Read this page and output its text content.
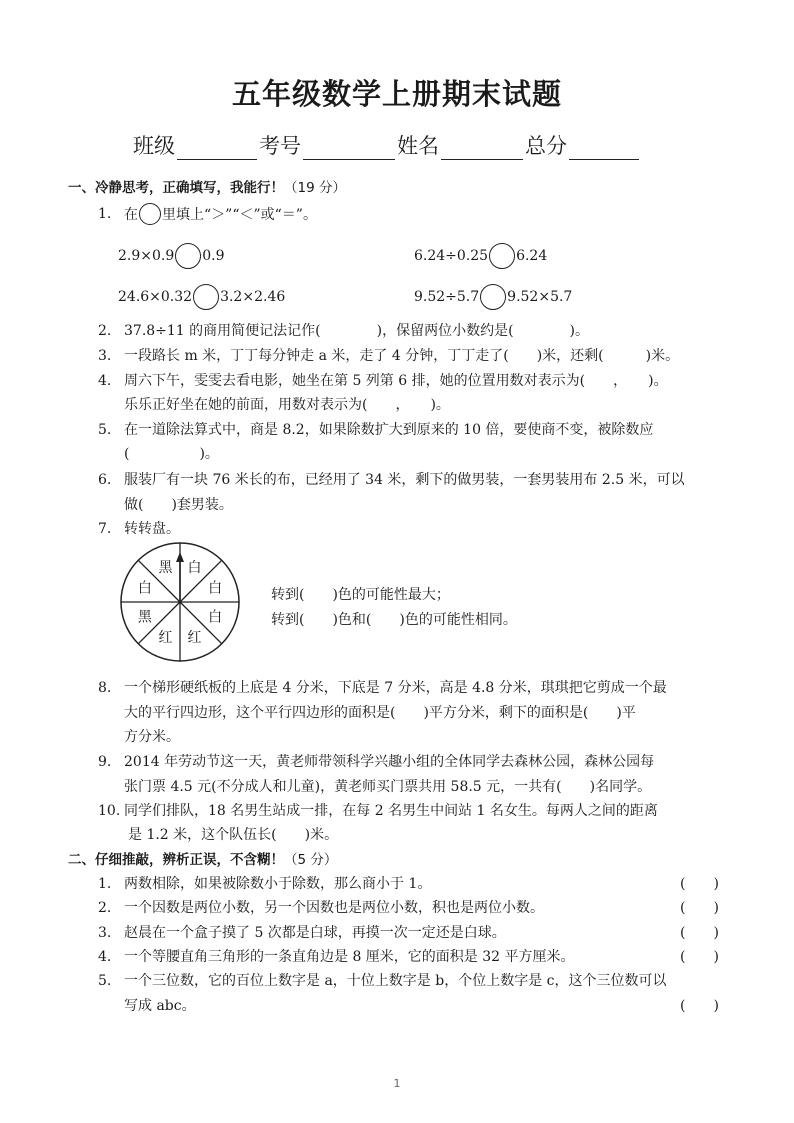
五年级数学上册期末试题
班级	考号	姓名	总分
一、冷静思考，正确填写，我能行！（19 分）
1. 在 里填上“＞”“＜”或“＝”。
2.9×0.9 0.9	6.24÷0.25 6.24
24.6×0.32 3.2×2.46	9.52÷5.7 9.52×5.7
2. 37.8÷11 的商用简便记法记作(　　　　)，保留两位小数约是(　　　　)。
3. 一段路长 m 米，丁丁每分钟走 a 米，走了 4 分钟，丁丁走了(　　)米，还剩(　　　)米。
4. 周六下午，雯雯去看电影，她坐在第 5 列第 6 排，她的位置用数对表示为(　　，　　)。
乐乐正好坐在她的前面，用数对表示为(　　，　　)。
5. 在一道除法算式中，商是 8.2，如果除数扩大到原来的 10 倍，要使商不变，被除数应
(　　　　　)。
6. 服装厂有一块 76 米长的布，已经用了 34 米，剩下的做男装，一套男装用布 2.5 米，可以
做(　　)套男装。
7. 转转盘。
白
白
白
红
红
黑
白
黑
转到(　　)色的可能性最大；
转到(　　)色和(　　)色的可能性相同。
8. 一个梯形硬纸板的上底是 4 分米，下底是 7 分米，高是 4.8 分米，琪琪把它剪成一个最
大的平行四边形，这个平行四边形的面积是(　　)平方分米，剩下的面积是(　　)平
方分米。
9. 2014 年劳动节这一天，黄老师带领科学兴趣小组的全体同学去森林公园，森林公园每
张门票 4.5 元(不分成人和儿童)，黄老师买门票共用 58.5 元，一共有(　　)名同学。
10. 同学们排队，18 名男生站成一排，在每 2 名男生中间站 1 名女生。每两人之间的距离
是 1.2 米，这个队伍长(　　)米。
二、仔细推敲，辨析正误，不含糊！（5 分）
1. 两数相除，如果被除数小于除数，那么商小于 1。	(　　)
2. 一个因数是两位小数，另一个因数也是两位小数，积也是两位小数。	(　　)
3. 赵晨在一个盒子摸了 5 次都是白球，再摸一次一定还是白球。	(　　)
4. 一个等腰直角三角形的一条直角边是 8 厘米，它的面积是 32 平方厘米。	(　　)
5. 一个三位数，它的百位上数字是 a，十位上数字是 b，个位上数字是 c，这个三位数可以
写成 abc。	(　　)
1
